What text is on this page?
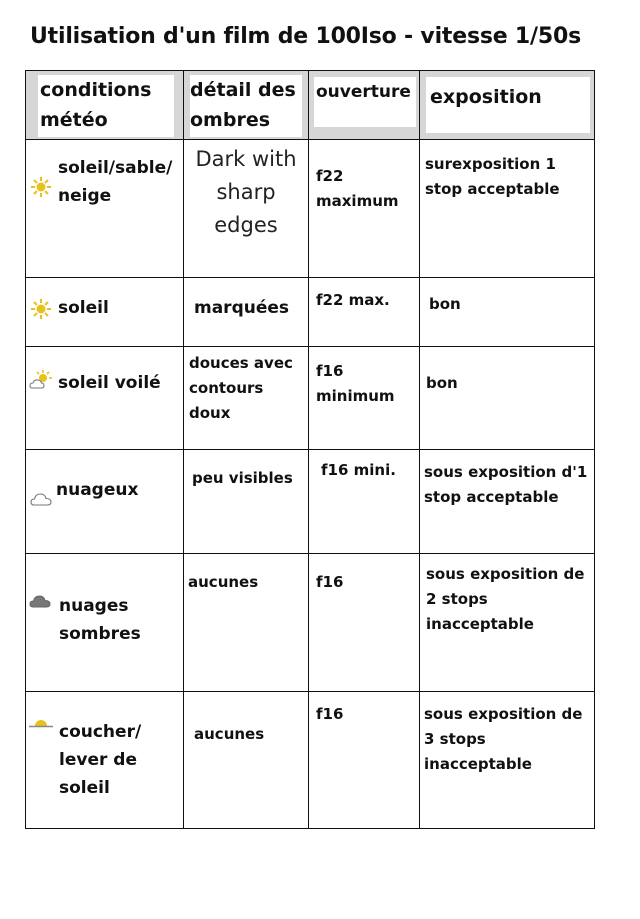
Utilisation d'un film de 100Iso - vitesse 1/50s
conditions météo	détail des ombres	ouverture	exposition

soleil/sable/ neige	Dark with sharp edges	f22 maximum	surexposition 1 stop acceptable

soleil	marquées	f22 max.	bon

soleil voilé	douces avec contours doux	f16 minimum	bon

nuageux	peu visibles	f16 mini.	sous exposition d'1 stop acceptable

nuages sombres	aucunes	f16	sous exposition de 2 stops inacceptable

coucher/ lever de soleil	aucunes	f16	sous exposition de 3 stops inacceptable
